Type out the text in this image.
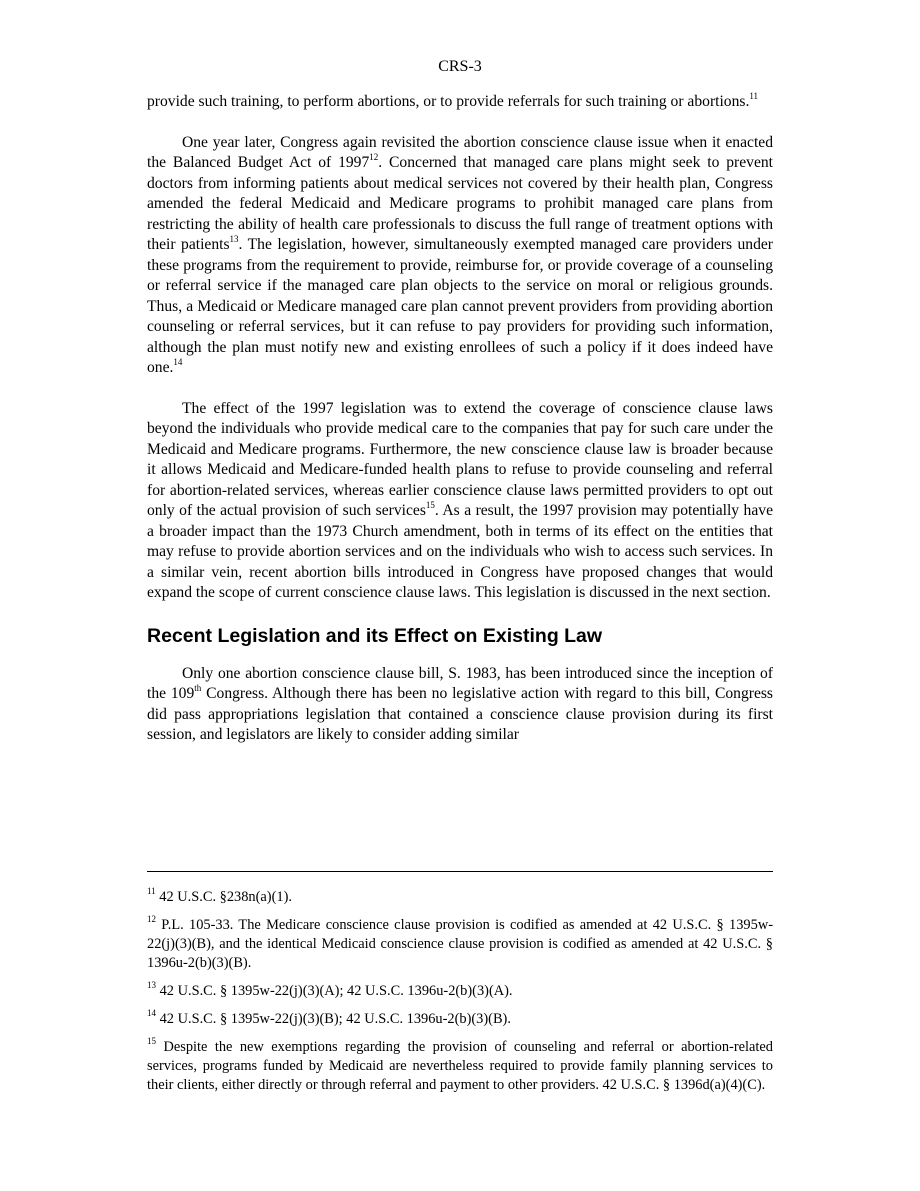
CRS-3

provide such training, to perform abortions, or to provide referrals for such training or abortions.$^{11}$

One year later, Congress again revisited the abortion conscience clause issue when it enacted the Balanced Budget Act of 1997$^{12}$. Concerned that managed care plans might seek to prevent doctors from informing patients about medical services not covered by their health plan, Congress amended the federal Medicaid and Medicare programs to prohibit managed care plans from restricting the ability of health care professionals to discuss the full range of treatment options with their patients$^{13}$. The legislation, however, simultaneously exempted managed care providers under these programs from the requirement to provide, reimburse for, or provide coverage of a counseling or referral service if the managed care plan objects to the service on moral or religious grounds. Thus, a Medicaid or Medicare managed care plan cannot prevent providers from providing abortion counseling or referral services, but it can refuse to pay providers for providing such information, although the plan must notify new and existing enrollees of such a policy if it does indeed have one.$^{14}$

The effect of the 1997 legislation was to extend the coverage of conscience clause laws beyond the individuals who provide medical care to the companies that pay for such care under the Medicaid and Medicare programs. Furthermore, the new conscience clause law is broader because it allows Medicaid and Medicare-funded health plans to refuse to provide counseling and referral for abortion-related services, whereas earlier conscience clause laws permitted providers to opt out only of the actual provision of such services$^{15}$. As a result, the 1997 provision may potentially have a broader impact than the 1973 Church amendment, both in terms of its effect on the entities that may refuse to provide abortion services and on the individuals who wish to access such services. In a similar vein, recent abortion bills introduced in Congress have proposed changes that would expand the scope of current conscience clause laws. This legislation is discussed in the next section.

Recent Legislation and its Effect on Existing Law

Only one abortion conscience clause bill, S. 1983, has been introduced since the inception of the 109th Congress. Although there has been no legislative action with regard to this bill, Congress did pass appropriations legislation that contained a conscience clause provision during its first session, and legislators are likely to consider adding similar

$^{11}$ 42 U.S.C. §238n(a)(1).

$^{12}$ P.L. 105-33. The Medicare conscience clause provision is codified as amended at 42 U.S.C. § 1395w-22(j)(3)(B), and the identical Medicaid conscience clause provision is codified as amended at 42 U.S.C. § 1396u-2(b)(3)(B).

$^{13}$ 42 U.S.C. § 1395w-22(j)(3)(A); 42 U.S.C. 1396u-2(b)(3)(A).

$^{14}$ 42 U.S.C. § 1395w-22(j)(3)(B); 42 U.S.C. 1396u-2(b)(3)(B).

$^{15}$ Despite the new exemptions regarding the provision of counseling and referral or abortion-related services, programs funded by Medicaid are nevertheless required to provide family planning services to their clients, either directly or through referral and payment to other providers. 42 U.S.C. § 1396d(a)(4)(C).
